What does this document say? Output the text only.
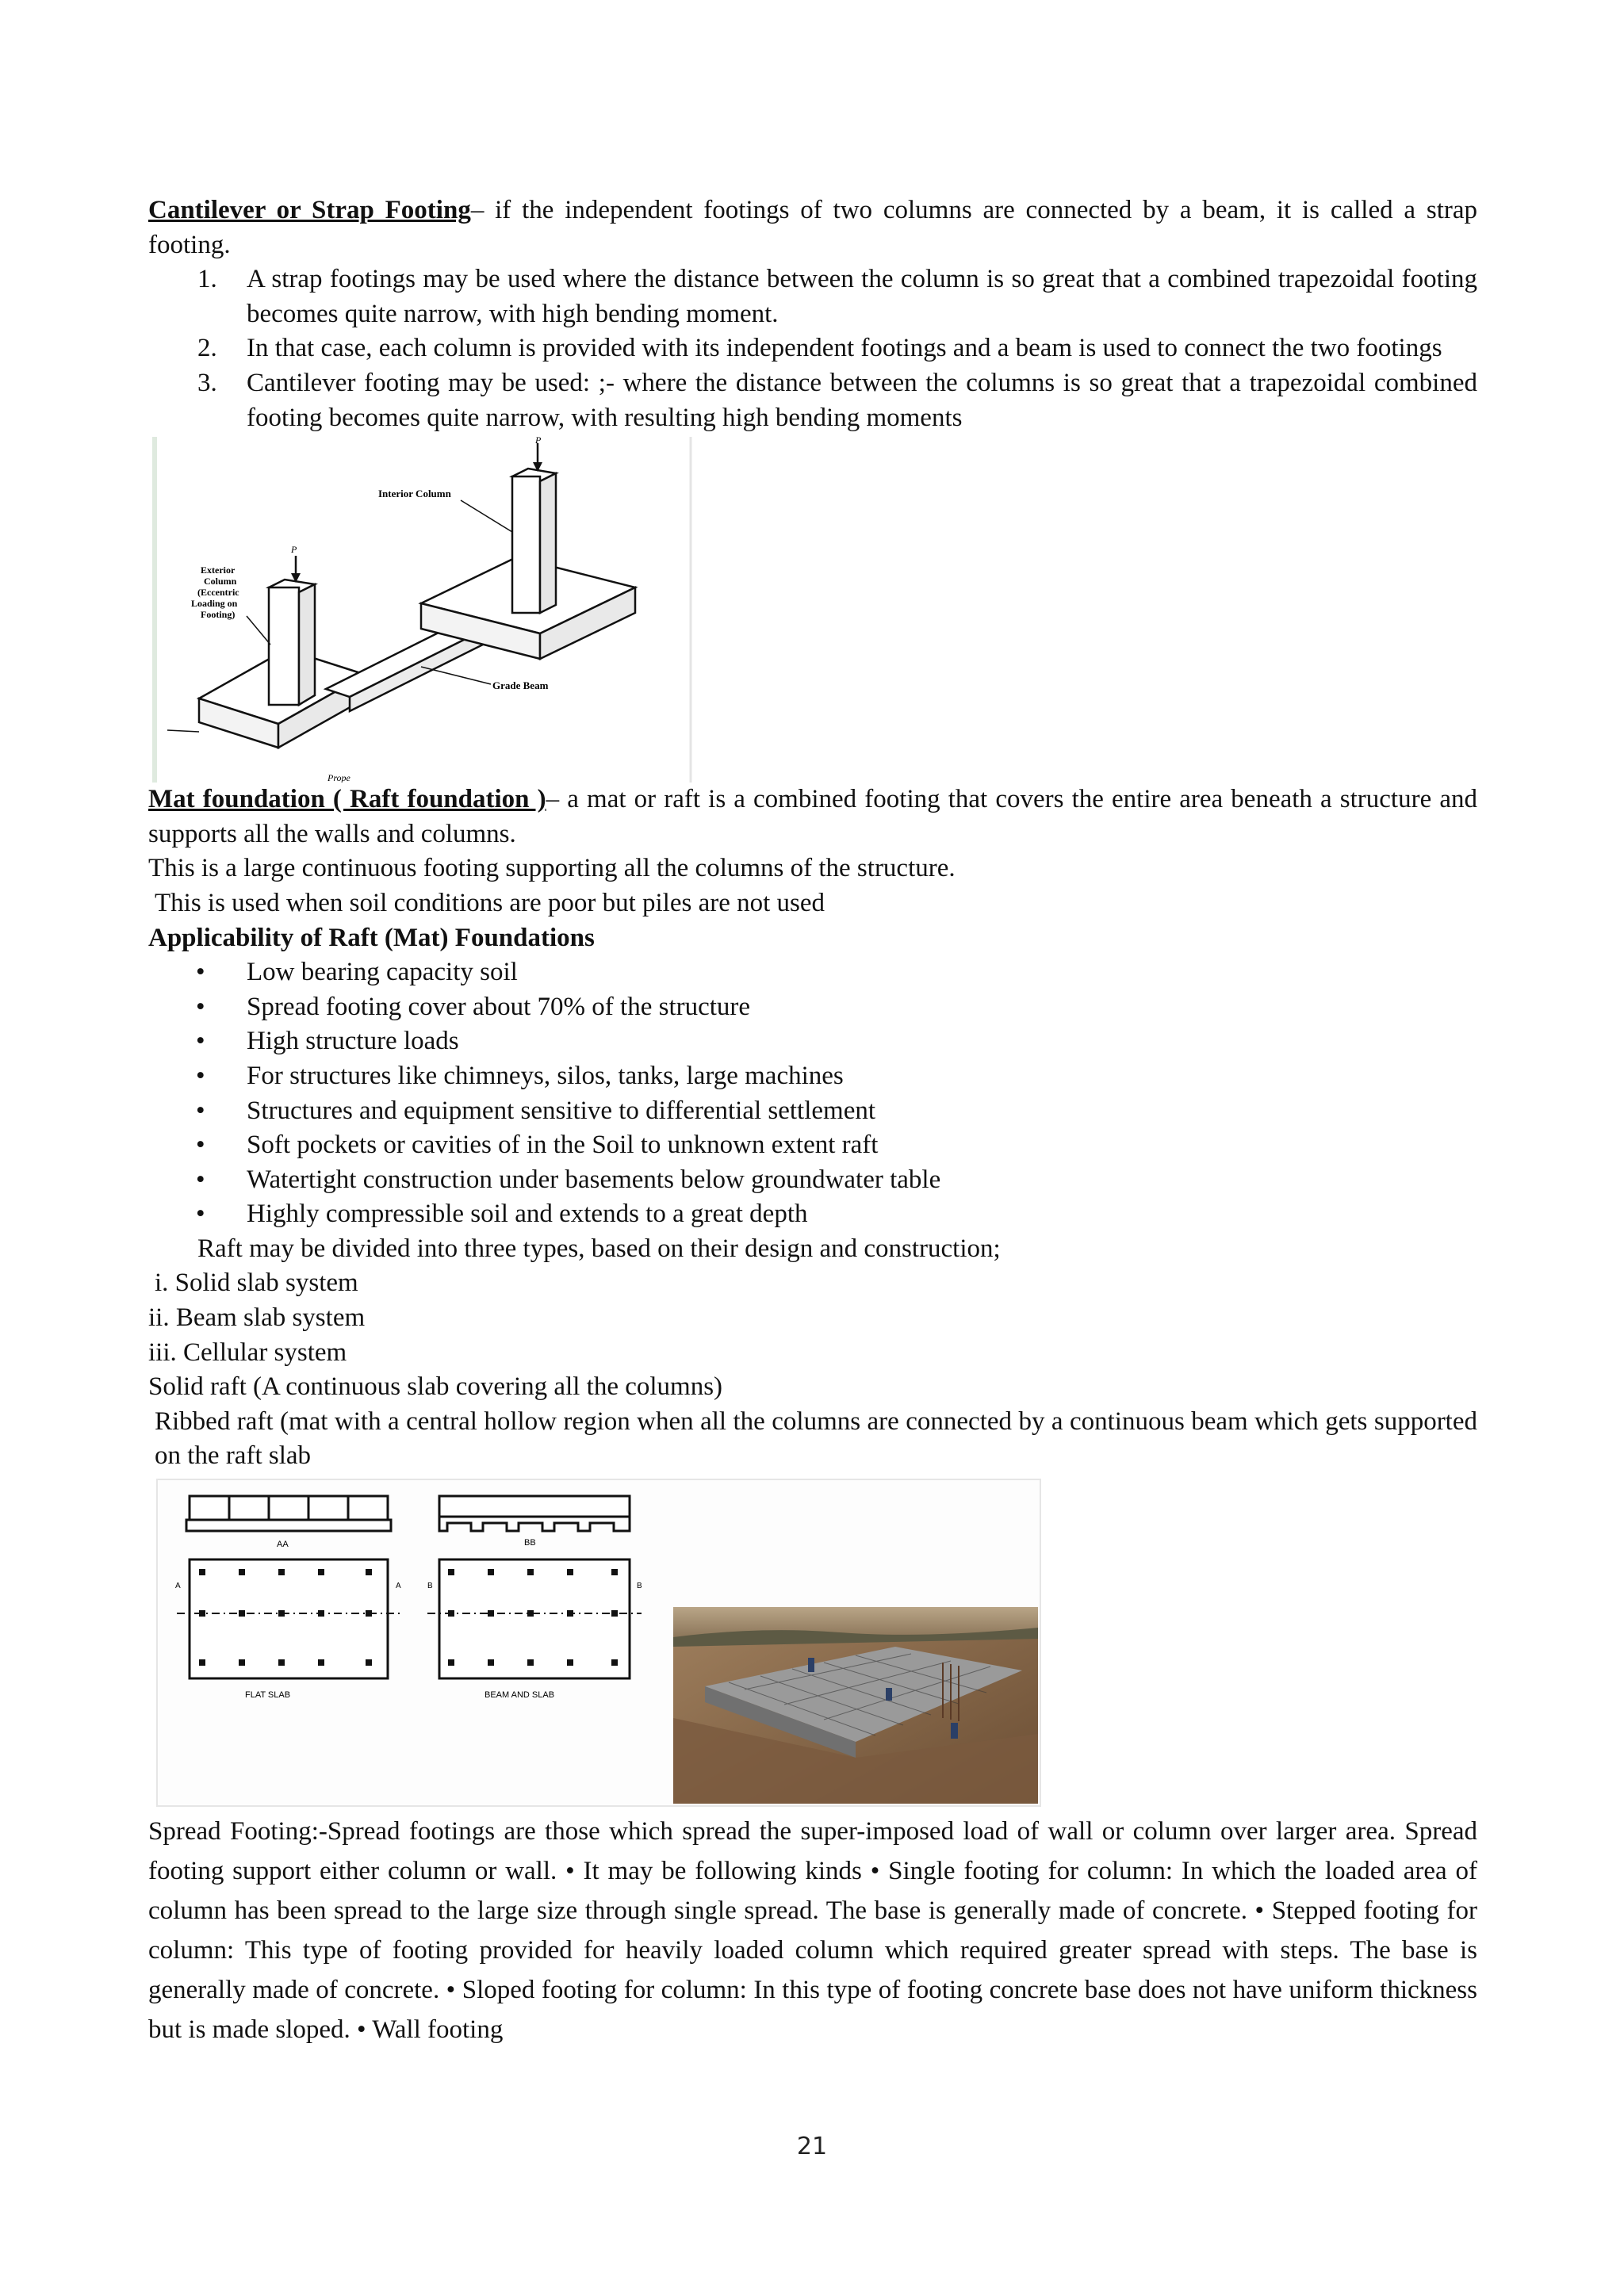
Cantilever or Strap Footing– if the independent footings of two columns are connected by a beam, it is called a strap footing.

1. A strap footings may be used where the distance between the column is so great that a combined trapezoidal footing becomes quite narrow, with high bending moment.
2. In that case, each column is provided with its independent footings and a beam is used to connect the two footings
3. Cantilever footing may be used: ;- where the distance between the columns is so great that a trapezoidal combined footing becomes quite narrow, with resulting high bending moments
P
P
Interior Column
Exterior Column (Eccentric Loading on Footing)
Grade Beam
Prope

Mat foundation ( Raft foundation )– a mat or raft is a combined footing that covers the entire area beneath a structure and supports all the walls and columns.

This is a large continuous footing supporting all the columns of the structure.

This is used when soil conditions are poor but piles are not used

Applicability of Raft (Mat) Foundations

• Low bearing capacity soil
• Spread footing cover about 70% of the structure
• High structure loads
• For structures like chimneys, silos, tanks, large machines
• Structures and equipment sensitive to differential settlement
• Soft pockets or cavities of in the Soil to unknown extent raft
• Watertight construction under basements below groundwater table
• Highly compressible soil and extends to a great depth

Raft may be divided into three types, based on their design and construction;

i. Solid slab system

ii. Beam slab system

iii. Cellular system

Solid raft (A continuous slab covering all the columns)

Ribbed raft (mat with a central hollow region when all the columns are connected by a continuous beam which gets supported on the raft slab

AA
A	A
FLAT SLAB
BB
B	B
BEAM AND SLAB

Spread Footing:-Spread footings are those which spread the super-imposed load of wall or column over larger area. Spread footing support either column or wall. • It may be following kinds • Single footing for column: In which the loaded area of column has been spread to the large size through single spread. The base is generally made of concrete. • Stepped footing for column: This type of footing provided for heavily loaded column which required greater spread with steps. The base is generally made of concrete. • Sloped footing for column: In this type of footing concrete base does not have uniform thickness but is made sloped. • Wall footing

21
